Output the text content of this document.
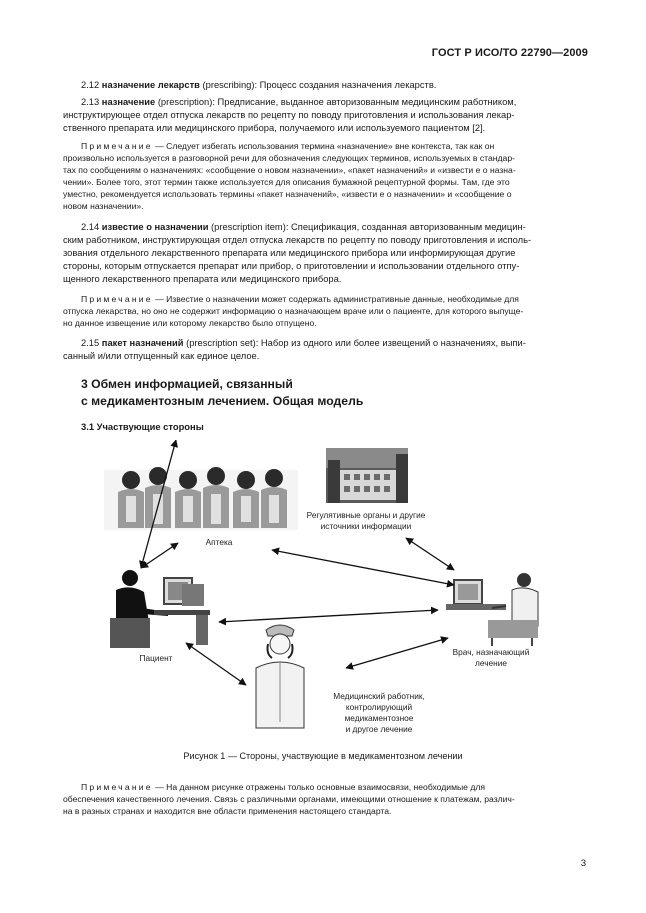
ГОСТ Р ИСО/ТО 22790—2009
2.12 назначение лекарств (prescribing): Процесс создания назначения лекарств.
2.13 назначение (prescription): Предписание, выданное авторизованным медицинским работником,
инструктирующее отдел отпуска лекарств по рецепту по поводу приготовления и использования лекар-
ственного препарата или медицинского прибора, получаемого или используемого пациентом [2].
Примечание — Следует избегать использования термина «назначение» вне контекста, так как он
произвольно используется в разговорной речи для обозначения следующих терминов, используемых в стандар-
тах по сообщениям о назначениях: «сообщение о новом назначении», «пакет назначений» и «извести е о назна-
чении». Более того, этот термин также используется для описания бумажной рецептурной формы. Там, где это
уместно, рекомендуется использовать термины «пакет назначений», «извести е о назначении» и «сообщение о
новом назначении».
2.14 известие о назначении (prescription item): Спецификация, созданная авторизованным медицин-
ским работником, инструктирующая отдел отпуска лекарств по рецепту по поводу приготовления и исполь-
зования отдельного лекарственного препарата или медицинского прибора или информирующая другие
стороны, которым отпускается препарат или прибор, о приготовлении и использовании отдельного отпу-
щенного лекарственного препарата или медицинского прибора.
Примечание — Известие о назначении может содержать административные данные, необходимые для
отпуска лекарства, но оно не содержит информацию о назначающем враче или о пациенте, для которого выпуще-
но данное извещение или которому лекарство было отпущено.
2.15 пакет назначений (prescription set): Набор из одного или более извещений о назначениях, выпи-
санный и/или отпущенный как единое целое.
3 Обмен информацией, связанный
с медикаментозным лечением. Общая модель
3.1 Участвующие стороны
Регулятивные органы и другие
источники информации
Аптека
Пациент
Врач, назначающий
лечение
Медицинский работник,
контролирующий
медикаментозное
и другое лечение
Рисунок 1 — Стороны, участвующие в медикаментозном лечении
Примечание — На данном рисунке отражены только основные взаимосвязи, необходимые для
обеспечения качественного лечения. Связь с различными органами, имеющими отношение к платежам, различ-
на в разных странах и находится вне области применения настоящего стандарта.
3
